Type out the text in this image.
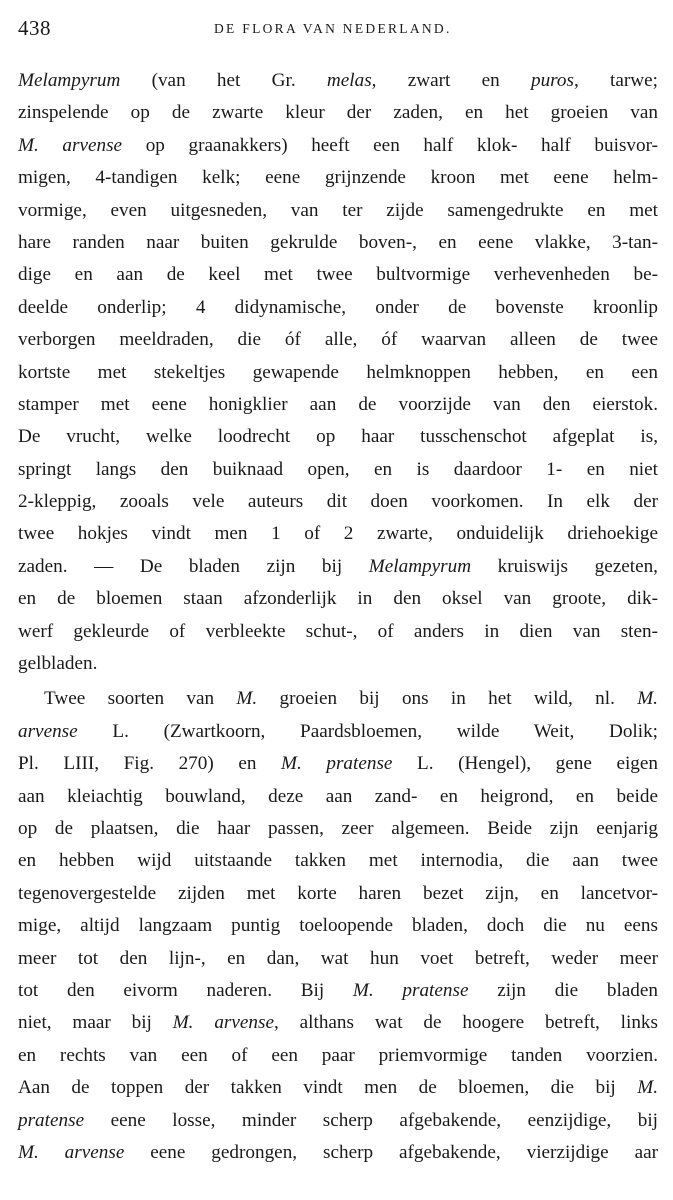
438	DE FLORA VAN NEDERLAND.
Melampyrum (van het Gr. melas, zwart en puros, tarwe;
zinspelende op de zwarte kleur der zaden, en het groeien van
M. arvense op graanakkers) heeft een half klok- half buisvor-
migen, 4-tandigen kelk; eene grijnzende kroon met eene helm-
vormige, even uitgesneden, van ter zijde samengedrukte en met
hare randen naar buiten gekrulde boven-, en eene vlakke, 3-tan-
dige en aan de keel met twee bultvormige verhevenheden be-
deelde onderlip; 4 didynamische, onder de bovenste kroonlip
verborgen meeldraden, die óf alle, óf waarvan alleen de twee
kortste met stekeltjes gewapende helmknoppen hebben, en een
stamper met eene honigklier aan de voorzijde van den eierstok.
De vrucht, welke loodrecht op haar tusschenschot afgeplat is,
springt langs den buiknaad open, en is daardoor 1- en niet
2-kleppig, zooals vele auteurs dit doen voorkomen. In elk der
twee hokjes vindt men 1 of 2 zwarte, onduidelijk driehoekige
zaden. — De bladen zijn bij Melampyrum kruiswijs gezeten,
en de bloemen staan afzonderlijk in den oksel van groote, dik-
werf gekleurde of verbleekte schut-, of anders in dien van sten-
gelbladen.
Twee soorten van M. groeien bij ons in het wild, nl. M.
arvense L. (Zwartkoorn, Paardsbloemen, wilde Weit, Dolik;
Pl. LIII, Fig. 270) en M. pratense L. (Hengel), gene eigen
aan kleiachtig bouwland, deze aan zand- en heigrond, en beide
op de plaatsen, die haar passen, zeer algemeen. Beide zijn eenjarig
en hebben wijd uitstaande takken met internodia, die aan twee
tegenovergestelde zijden met korte haren bezet zijn, en lancetvor-
mige, altijd langzaam puntig toeloopende bladen, doch die nu eens
meer tot den lijn-, en dan, wat hun voet betreft, weder meer
tot den eivorm naderen. Bij M. pratense zijn die bladen
niet, maar bij M. arvense, althans wat de hoogere betreft, links
en rechts van een of een paar priemvormige tanden voorzien.
Aan de toppen der takken vindt men de bloemen, die bij M.
pratense eene losse, minder scherp afgebakende, eenzijdige, bij
M. arvense eene gedrongen, scherp afgebakende, vierzijdige aar
